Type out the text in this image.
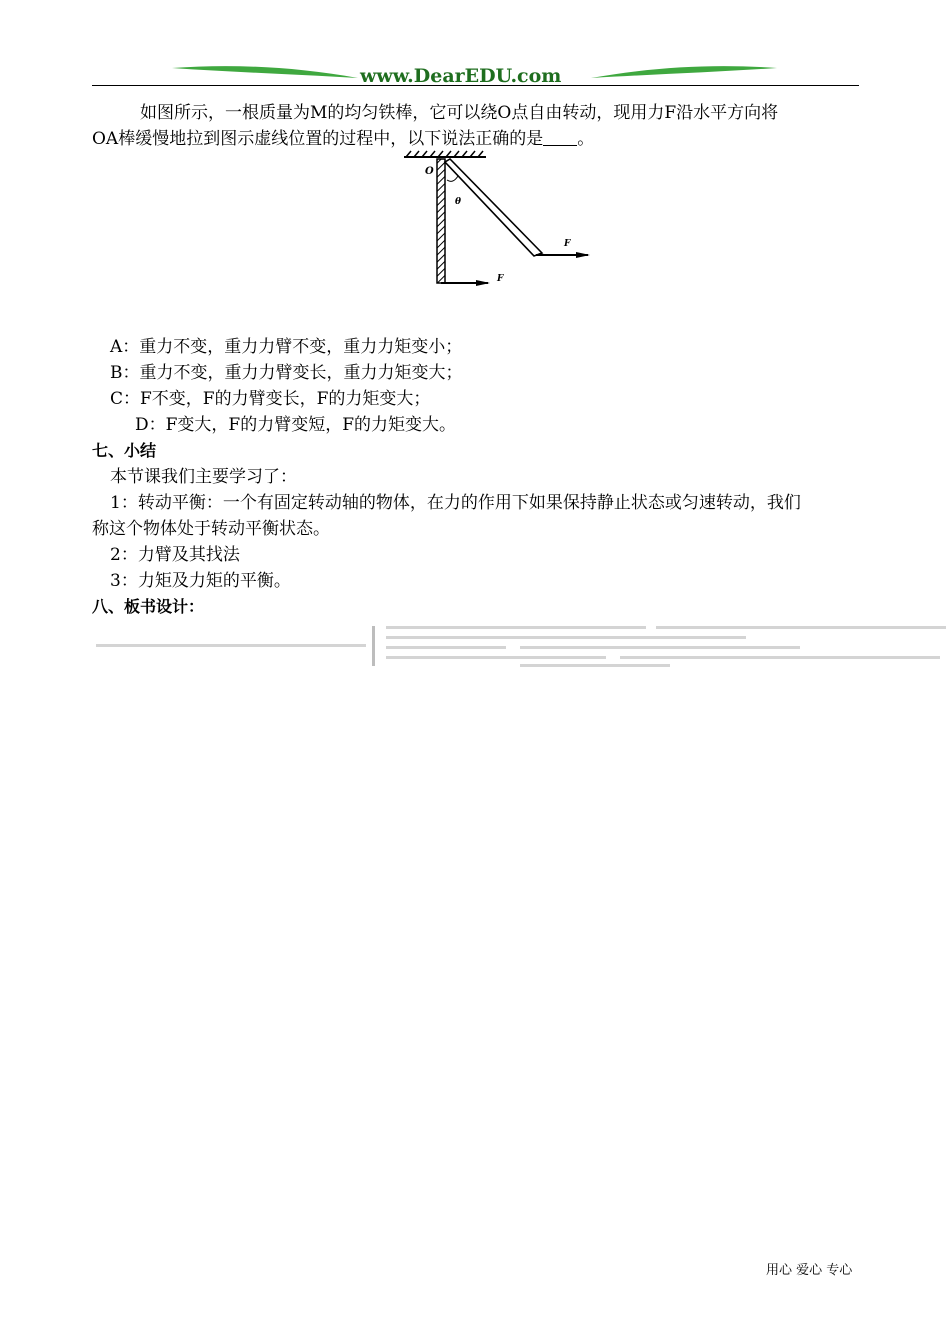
www.DearEDU.com
如图所示，一根质量为M的均匀铁棒，它可以绕O点自由转动，现用力F沿水平方向将
OA棒缓慢地拉到图示虚线位置的过程中，以下说法正确的是 。
O
θ
F
F
A：重力不变，重力力臂不变，重力力矩变小；
B：重力不变，重力力臂变长，重力力矩变大；
C：F不变，F的力臂变长，F的力矩变大；
D：F变大，F的力臂变短，F的力矩变大。
七、小结
本节课我们主要学习了：
1：转动平衡：一个有固定转动轴的物体，在力的作用下如果保持静止状态或匀速转动，我们
称这个物体处于转动平衡状态。
2：力臂及其找法
3：力矩及力矩的平衡。
八、板书设计：
用心 爱心 专心
